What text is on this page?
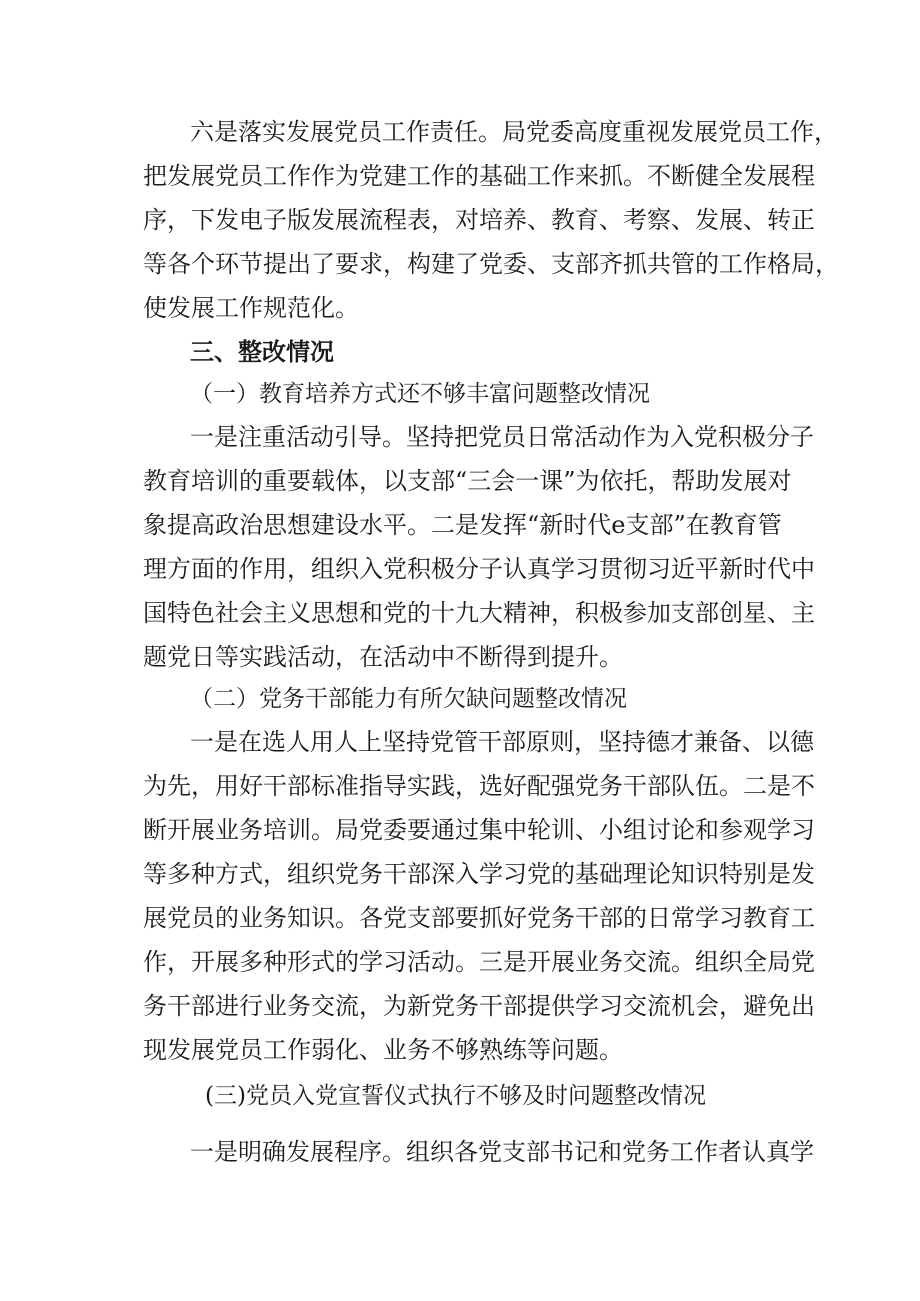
六是落实发展党员工作责任。局党委高度重视发展党员工作，
把发展党员工作作为党建工作的基础工作来抓。不断健全发展程
序，下发电子版发展流程表，对培养、教育、考察、发展、转正
等各个环节提出了要求，构建了党委、支部齐抓共管的工作格局，
使发展工作规范化。
三、整改情况
（一）教育培养方式还不够丰富问题整改情况
一是注重活动引导。坚持把党员日常活动作为入党积极分子
教育培训的重要载体，以支部“三会一课”为依托，帮助发展对
象提高政治思想建设水平。二是发挥“新时代e支部”在教育管
理方面的作用，组织入党积极分子认真学习贯彻习近平新时代中
国特色社会主义思想和党的十九大精神，积极参加支部创星、主
题党日等实践活动，在活动中不断得到提升。
（二）党务干部能力有所欠缺问题整改情况
一是在选人用人上坚持党管干部原则，坚持德才兼备、以德
为先，用好干部标准指导实践，选好配强党务干部队伍。二是不
断开展业务培训。局党委要通过集中轮训、小组讨论和参观学习
等多种方式，组织党务干部深入学习党的基础理论知识特别是发
展党员的业务知识。各党支部要抓好党务干部的日常学习教育工
作，开展多种形式的学习活动。三是开展业务交流。组织全局党
务干部进行业务交流，为新党务干部提供学习交流机会，避免出
现发展党员工作弱化、业务不够熟练等问题。
(三)党员入党宣誓仪式执行不够及时问题整改情况
一是明确发展程序。组织各党支部书记和党务工作者认真学
